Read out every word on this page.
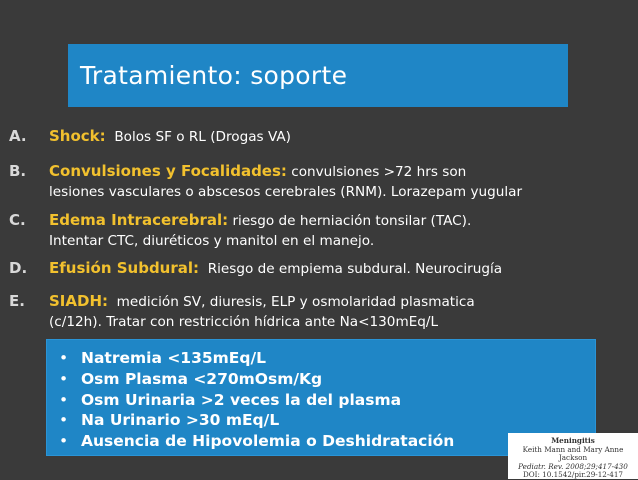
Tratamiento: soporte
A. Shock: Bolos SF o RL (Drogas VA)
B. Convulsiones y Focalidades: convulsiones >72 hrs son
lesiones vasculares o abscesos cerebrales (RNM). Lorazepam yugular
C. Edema Intracerebral: riesgo de herniación tonsilar (TAC).
Intentar CTC, diuréticos y manitol en el manejo.
D. Efusión Subdural: Riesgo de empiema subdural. Neurocirugía
E. SIADH: medición SV, diuresis, ELP y osmolaridad plasmatica
(c/12h). Tratar con restricción hídrica ante Na<130mEq/L
• Natremia <135mEq/L
• Osm Plasma <270mOsm/Kg
• Osm Urinaria >2 veces la del plasma
• Na Urinario >30 mEq/L
• Ausencia de Hipovolemia o Deshidratación	Meningitis
Keith Mann and Mary Anne Jackson
Pediatr. Rev. 2008;29;417-430
DOI: 10.1542/pir.29-12-417
